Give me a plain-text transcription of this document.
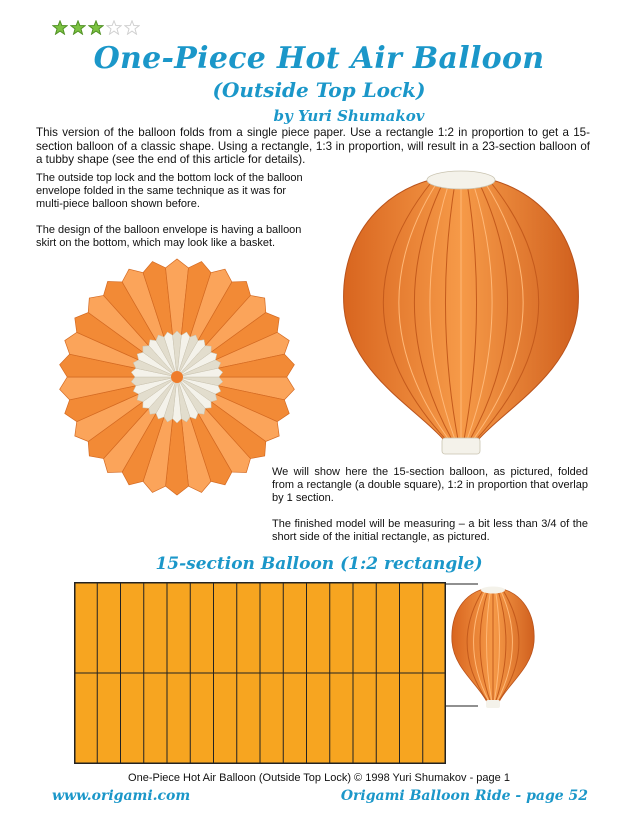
One-Piece Hot Air Balloon
(Outside Top Lock)
by Yuri Shumakov

This version of the balloon folds from a single piece paper. Use a rectangle 1:2 in proportion to get a 15-section balloon of a classic shape. Using a rectangle, 1:3 in proportion, will result in a 23-section balloon of a tubby shape (see the end of this article for details).

The outside top lock and the bottom lock of the balloon envelope folded in the same technique as it was for multi-piece balloon shown before.

The design of the balloon envelope is having a balloon skirt on the bottom, which may look like a basket.

We will show here the 15-section balloon, as pictured, folded from a rectangle (a double square), 1:2 in proportion that overlap by 1 section.

The finished model will be measuring – a bit less than 3/4 of the short side of the initial rectangle, as pictured.

15-section Balloon (1:2 rectangle)
One-Piece Hot Air Balloon (Outside Top Lock) © 1998 Yuri Shumakov - page 1
www.origami.com	Origami Balloon Ride - page 52
